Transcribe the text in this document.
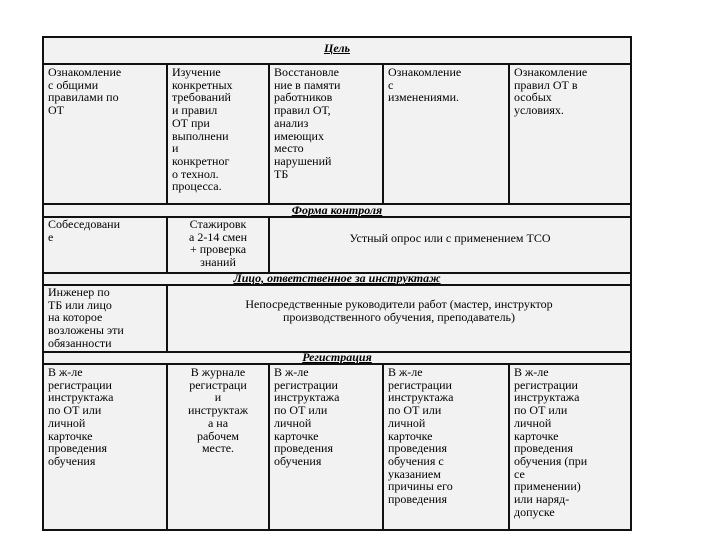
Цель
Форма контроля
Лицо, ответственное за инструктаж
Регистрация
Ознакомление
с общими
правилами по
ОТ
Изучение
конкретных
требований
и правил
ОТ при
выполнени
и
конкретног
о технол.
процесса.
Восстановле
ние в памяти
работников
правил ОТ,
анализ
имеющих
место
нарушений
ТБ
Ознакомление
с
изменениями.
Ознакомление
правил ОТ в
особых
условиях.
Собеседовани
е
Стажировк
а 2-14 смен
+ проверка
знаний
Устный опрос или с применением ТСО
Инженер по
ТБ или лицо
на которое
возложены эти
обязанности
Непосредственные руководители работ (мастер, инструктор
производственного обучения, преподаватель)
В ж-ле
регистрации
инструктажа
по ОТ или
личной
карточке
проведения
обучения
В журнале
регистраци
и
инструктаж
а на
рабочем
месте.
В ж-ле
регистрации
инструктажа
по ОТ или
личной
карточке
проведения
обучения
В ж-ле
регистрации
инструктажа
по ОТ или
личной
карточке
проведения
обучения с
указанием
причины его
проведения
В ж-ле
регистрации
инструктажа
по ОТ или
личной
карточке
проведения
обучения (при
се
применении)
или наряд-
допуске
